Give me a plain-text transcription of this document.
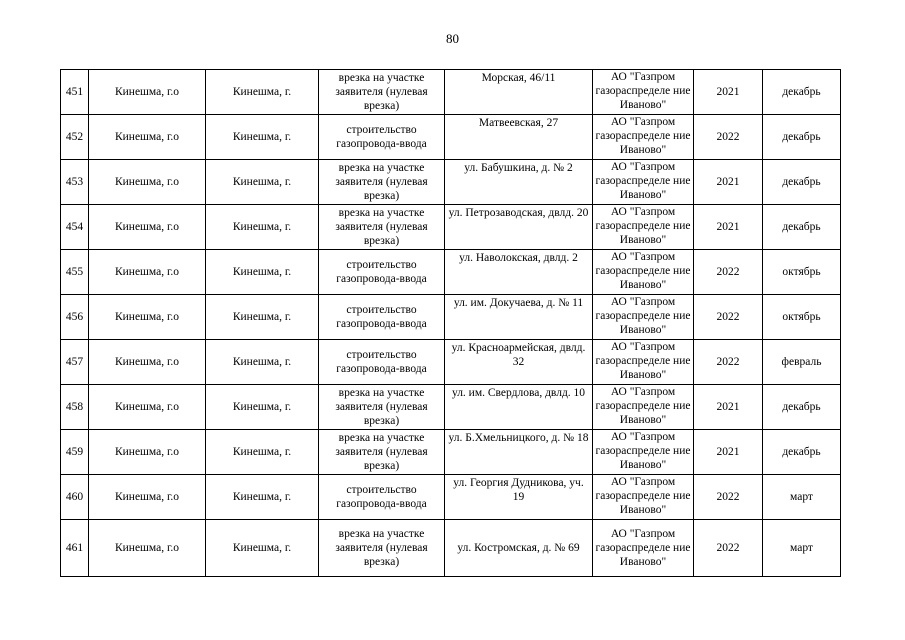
80
451	Кинешма, г.о	Кинешма, г.	врезка на участке заявителя (нулевая врезка)	Морская, 46/11	АО "Газпром газораспределе ние Иваново"	2021	декабрь
452	Кинешма, г.о	Кинешма, г.	строительство газопровода-ввода	Матвеевская, 27	АО "Газпром газораспределе ние Иваново"	2022	декабрь
453	Кинешма, г.о	Кинешма, г.	врезка на участке заявителя (нулевая врезка)	ул. Бабушкина, д. № 2	АО "Газпром газораспределе ние Иваново"	2021	декабрь
454	Кинешма, г.о	Кинешма, г.	врезка на участке заявителя (нулевая врезка)	ул. Петрозаводская, двлд. 20	АО "Газпром газораспределе ние Иваново"	2021	декабрь
455	Кинешма, г.о	Кинешма, г.	строительство газопровода-ввода	ул. Наволокская, двлд. 2	АО "Газпром газораспределе ние Иваново"	2022	октябрь
456	Кинешма, г.о	Кинешма, г.	строительство газопровода-ввода	ул. им. Докучаева, д. № 11	АО "Газпром газораспределе ние Иваново"	2022	октябрь
457	Кинешма, г.о	Кинешма, г.	строительство газопровода-ввода	ул. Красноармейская, двлд. 32	АО "Газпром газораспределе ние Иваново"	2022	февраль
458	Кинешма, г.о	Кинешма, г.	врезка на участке заявителя (нулевая врезка)	ул. им. Свердлова, двлд. 10	АО "Газпром газораспределе ние Иваново"	2021	декабрь
459	Кинешма, г.о	Кинешма, г.	врезка на участке заявителя (нулевая врезка)	ул. Б.Хмельницкого, д. № 18	АО "Газпром газораспределе ние Иваново"	2021	декабрь
460	Кинешма, г.о	Кинешма, г.	строительство газопровода-ввода	ул. Георгия Дудникова, уч. 19	АО "Газпром газораспределе ние Иваново"	2022	март
461	Кинешма, г.о	Кинешма, г.	врезка на участке заявителя (нулевая врезка)	ул. Костромская, д. № 69	АО "Газпром газораспределе ние Иваново"	2022	март
